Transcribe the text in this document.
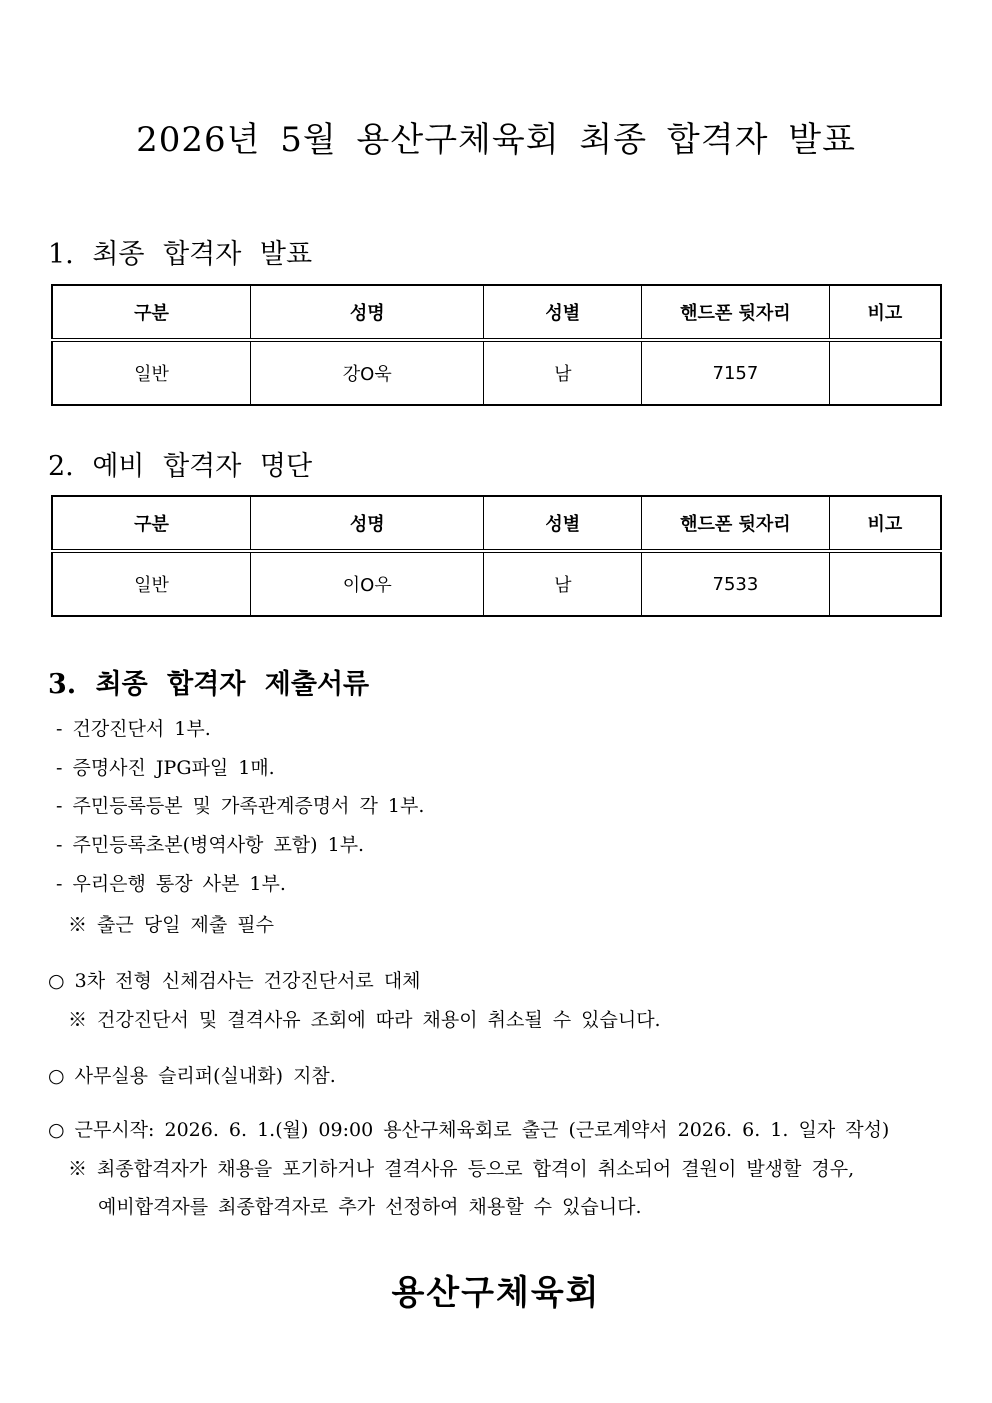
2026년 5월 용산구체육회 최종 합격자 발표
1. 최종 합격자 발표
구분	성명	성별	핸드폰 뒷자리	비고
일반	강O욱	남	7157	
2. 예비 합격자 명단
구분	성명	성별	핸드폰 뒷자리	비고
일반	이O우	남	7533	
3. 최종 합격자 제출서류
- 건강진단서 1부.
- 증명사진 JPG파일 1매.
- 주민등록등본 및 가족관계증명서 각 1부.
- 주민등록초본(병역사항 포함) 1부.
- 우리은행 통장 사본 1부.
※ 출근 당일 제출 필수
○ 3차 전형 신체검사는 건강진단서로 대체
※ 건강진단서 및 결격사유 조회에 따라 채용이 취소될 수 있습니다.
○ 사무실용 슬리퍼(실내화) 지참.
○ 근무시작: 2026. 6. 1.(월) 09:00 용산구체육회로 출근 (근로계약서 2026. 6. 1. 일자 작성)
※ 최종합격자가 채용을 포기하거나 결격사유 등으로 합격이 취소되어 결원이 발생할 경우,
예비합격자를 최종합격자로 추가 선정하여 채용할 수 있습니다.
용산구체육회
